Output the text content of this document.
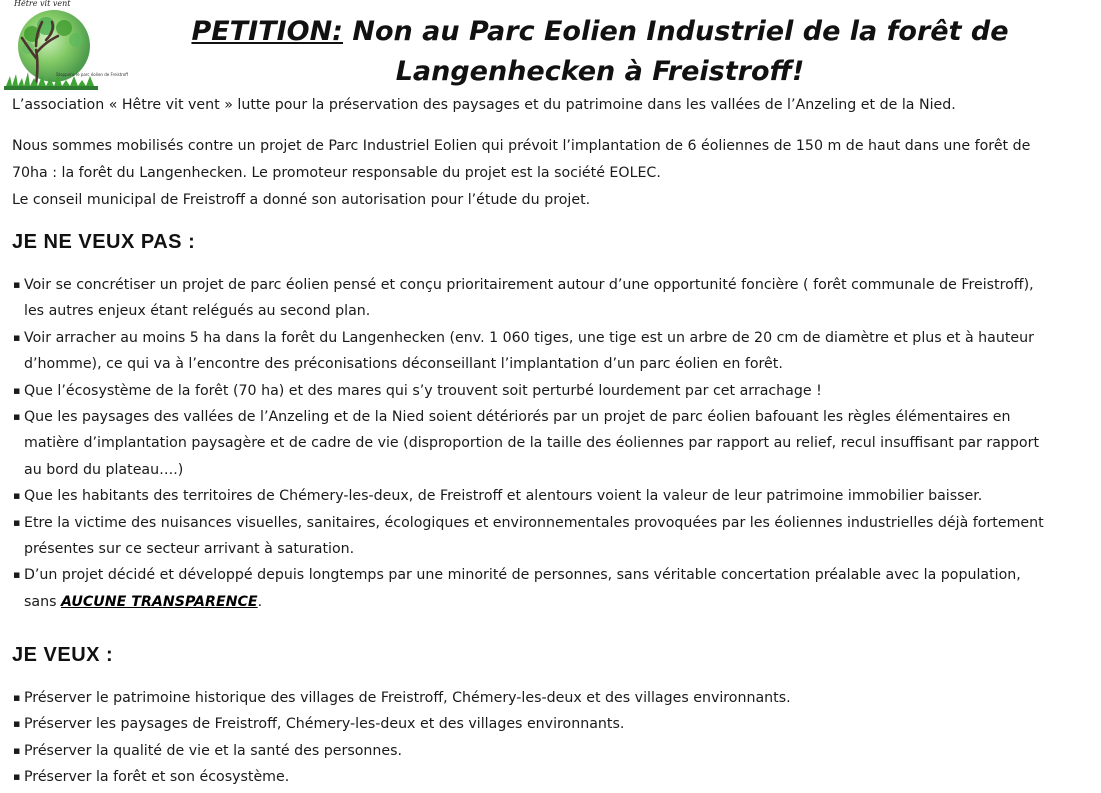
Hêtre vit vent
Stoppons le parc éolien de Freistroff
PETITION: Non au Parc Eolien Industriel de la forêt de
Langenhecken à Freistroff!

L’association « Hêtre vit vent » lutte pour la préservation des paysages et du patrimoine dans les vallées de l’Anzeling et de la Nied.

Nous sommes mobilisés contre un projet de Parc Industriel Eolien qui prévoit l’implantation de 6 éoliennes de 150 m de haut dans une forêt de
70ha : la forêt du Langenhecken. Le promoteur responsable du projet est la société EOLEC.
Le conseil municipal de Freistroff a donné son autorisation pour l’étude du projet.
JE NE VEUX PAS :
▪ Voir se concrétiser un projet de parc éolien pensé et conçu prioritairement autour d’une opportunité foncière ( forêt communale de Freistroff),
les autres enjeux étant relégués au second plan.
▪ Voir arracher au moins 5 ha dans la forêt du Langenhecken (env. 1 060 tiges, une tige est un arbre de 20 cm de diamètre et plus et à hauteur
d’homme), ce qui va à l’encontre des préconisations déconseillant l’implantation d’un parc éolien en forêt.
▪ Que l’écosystème de la forêt (70 ha) et des mares qui s’y trouvent soit perturbé lourdement par cet arrachage !
▪ Que les paysages des vallées de l’Anzeling et de la Nied soient détériorés par un projet de parc éolien bafouant les règles élémentaires en
matière d’implantation paysagère et de cadre de vie (disproportion de la taille des éoliennes par rapport au relief, recul insuffisant par rapport
au bord du plateau….)
▪ Que les habitants des territoires de Chémery-les-deux, de Freistroff et alentours voient la valeur de leur patrimoine immobilier baisser.
▪ Etre la victime des nuisances visuelles, sanitaires, écologiques et environnementales provoquées par les éoliennes industrielles déjà fortement
présentes sur ce secteur arrivant à saturation.
▪ D’un projet décidé et développé depuis longtemps par une minorité de personnes, sans véritable concertation préalable avec la population,
sans AUCUNE TRANSPARENCE.
JE VEUX :
▪ Préserver le patrimoine historique des villages de Freistroff, Chémery-les-deux et des villages environnants.
▪ Préserver les paysages de Freistroff, Chémery-les-deux et des villages environnants.
▪ Préserver la qualité de vie et la santé des personnes.
▪ Préserver la forêt et son écosystème.
